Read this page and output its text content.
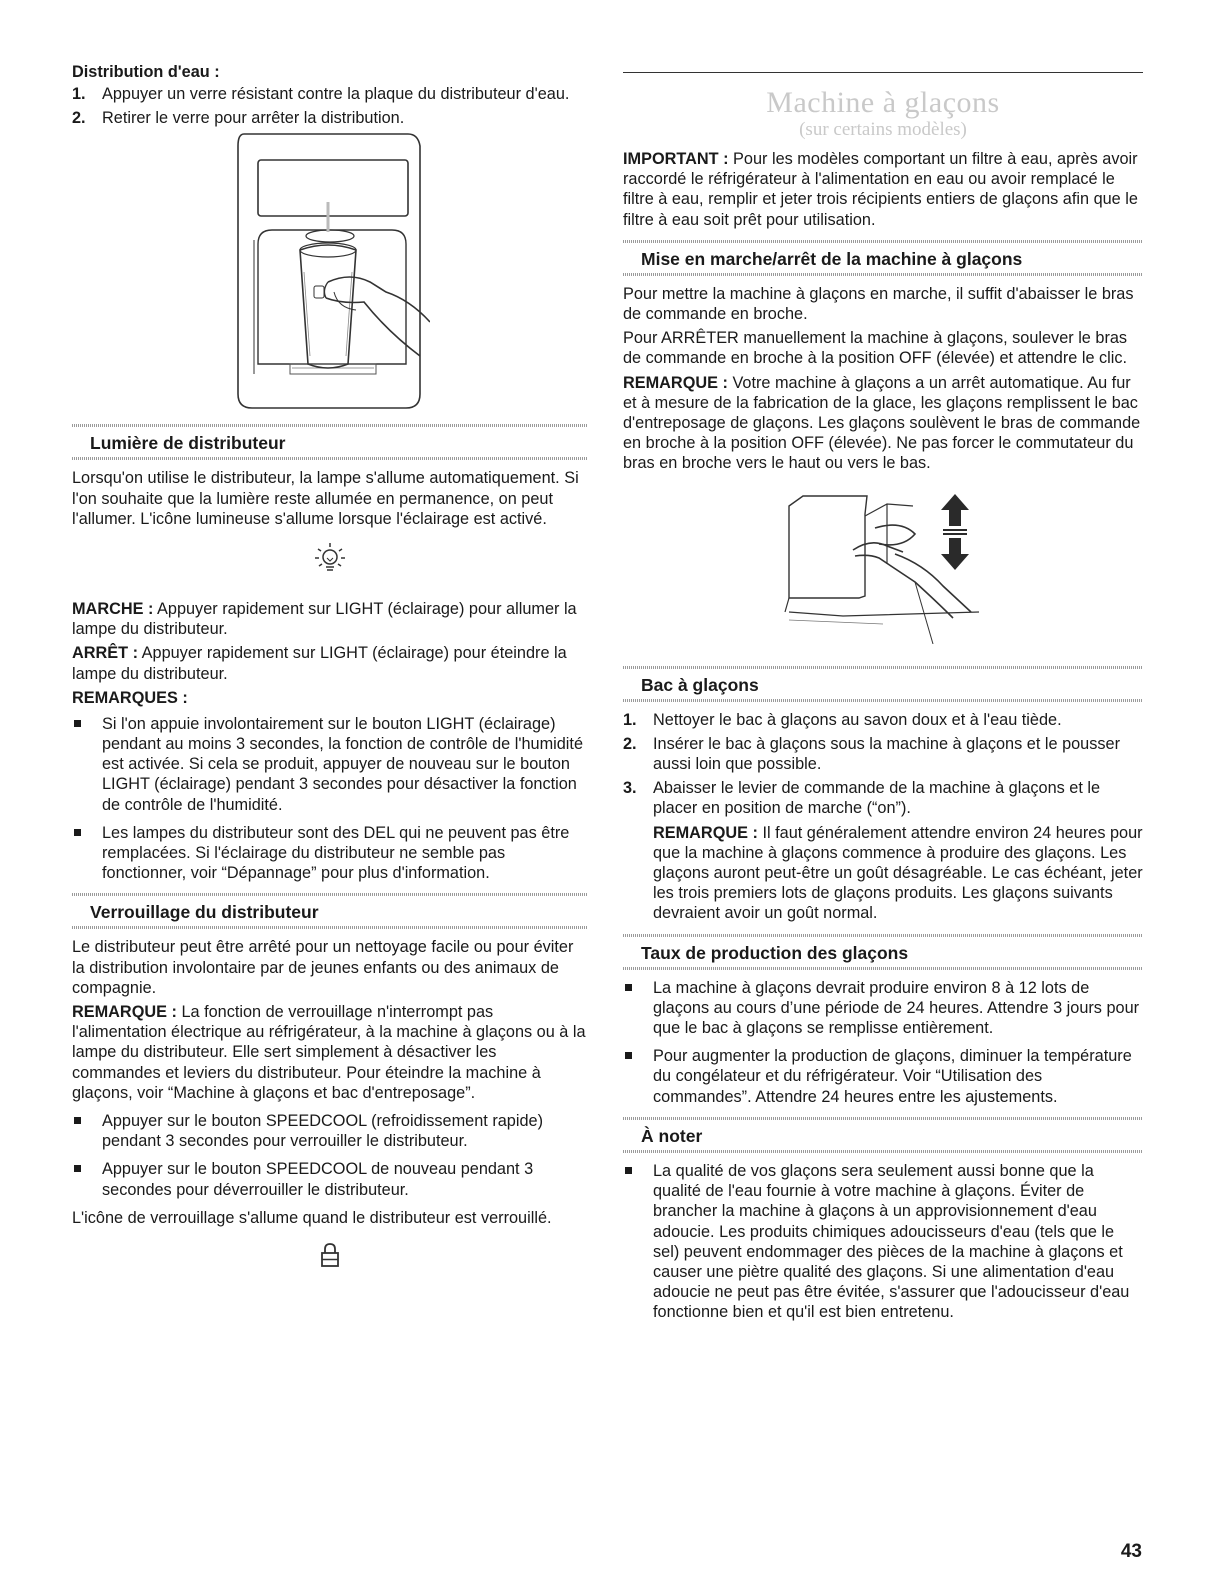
Distribution d'eau :
1. Appuyer un verre résistant contre la plaque du distributeur d'eau.
2. Retirer le verre pour arrêter la distribution.
Lumière de distributeur

Lorsqu'on utilise le distributeur, la lampe s'allume automatiquement. Si l'on souhaite que la lumière reste allumée en permanence, on peut l'allumer. L'icône lumineuse s'allume lorsque l'éclairage est activé.

MARCHE : Appuyer rapidement sur LIGHT (éclairage) pour allumer la lampe du distributeur.

ARRÊT : Appuyer rapidement sur LIGHT (éclairage) pour éteindre la lampe du distributeur.

REMARQUES :
Si l'on appuie involontairement sur le bouton LIGHT (éclairage) pendant au moins 3 secondes, la fonction de contrôle de l'humidité est activée. Si cela se produit, appuyer de nouveau sur le bouton LIGHT (éclairage) pendant 3 secondes pour désactiver la fonction de contrôle de l'humidité.
Les lampes du distributeur sont des DEL qui ne peuvent pas être remplacées. Si l'éclairage du distributeur ne semble pas fonctionner, voir “Dépannage” pour plus d'information.
Verrouillage du distributeur

Le distributeur peut être arrêté pour un nettoyage facile ou pour éviter la distribution involontaire par de jeunes enfants ou des animaux de compagnie.

REMARQUE : La fonction de verrouillage n'interrompt pas l'alimentation électrique au réfrigérateur, à la machine à glaçons ou à la lampe du distributeur. Elle sert simplement à désactiver les commandes et leviers du distributeur. Pour éteindre la machine à glaçons, voir “Machine à glaçons et bac d'entreposage”.

Appuyer sur le bouton SPEEDCOOL (refroidissement rapide) pendant 3 secondes pour verrouiller le distributeur.
Appuyer sur le bouton SPEEDCOOL de nouveau pendant 3 secondes pour déverrouiller le distributeur.

L'icône de verrouillage s'allume quand le distributeur est verrouillé.

Machine à glaçons
(sur certains modèles)

IMPORTANT : Pour les modèles comportant un filtre à eau, après avoir raccordé le réfrigérateur à l'alimentation en eau ou avoir remplacé le filtre à eau, remplir et jeter trois récipients entiers de glaçons afin que le filtre à eau soit prêt pour utilisation.

Mise en marche/arrêt de la machine à glaçons

Pour mettre la machine à glaçons en marche, il suffit d'abaisser le bras de commande en broche.

Pour ARRÊTER manuellement la machine à glaçons, soulever le bras de commande en broche à la position OFF (élevée) et attendre le clic.

REMARQUE : Votre machine à glaçons a un arrêt automatique. Au fur et à mesure de la fabrication de la glace, les glaçons remplissent le bac d'entreposage de glaçons. Les glaçons soulèvent le bras de commande en broche à la position OFF (élevée). Ne pas forcer le commutateur du bras en broche vers le haut ou vers le bas.

Bac à glaçons
1. Nettoyer le bac à glaçons au savon doux et à l'eau tiède.
2. Insérer le bac à glaçons sous la machine à glaçons et le pousser aussi loin que possible.
3. Abaisser le levier de commande de la machine à glaçons et le placer en position de marche (“on”).

REMARQUE : Il faut généralement attendre environ 24 heures pour que la machine à glaçons commence à produire des glaçons. Les glaçons auront peut-être un goût désagréable. Le cas échéant, jeter les trois premiers lots de glaçons produits. Les glaçons suivants devraient avoir un goût normal.

Taux de production des glaçons
La machine à glaçons devrait produire environ 8 à 12 lots de glaçons au cours d’une période de 24 heures. Attendre 3 jours pour que le bac à glaçons se remplisse entièrement.
Pour augmenter la production de glaçons, diminuer la température du congélateur et du réfrigérateur. Voir “Utilisation des commandes”. Attendre 24 heures entre les ajustements.
À noter
La qualité de vos glaçons sera seulement aussi bonne que la qualité de l'eau fournie à votre machine à glaçons. Éviter de brancher la machine à glaçons à un approvisionnement d'eau adoucie. Les produits chimiques adoucisseurs d'eau (tels que le sel) peuvent endommager des pièces de la machine à glaçons et causer une piètre qualité des glaçons. Si une alimentation d'eau adoucie ne peut pas être évitée, s'assurer que l'adoucisseur d'eau fonctionne bien et qu'il est bien entretenu.
43
